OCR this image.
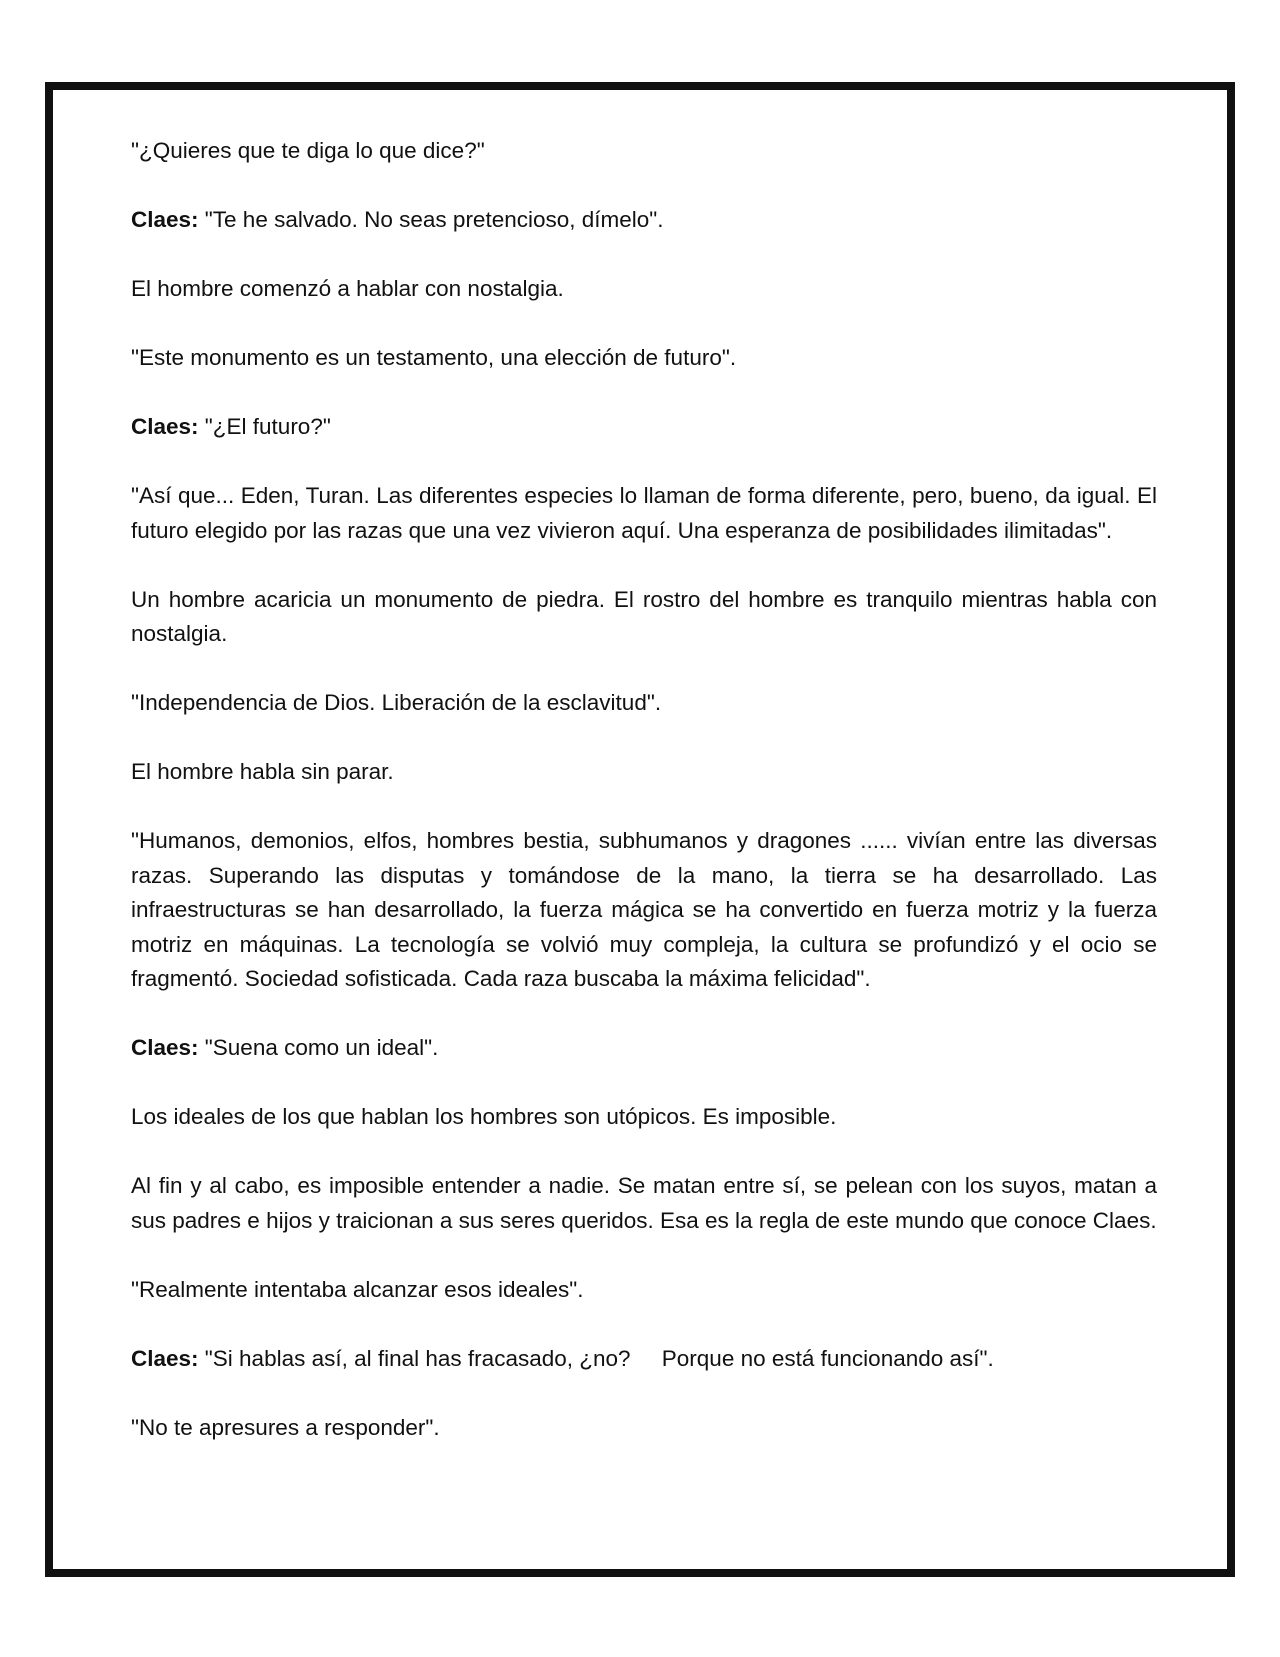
"¿Quieres que te diga lo que dice?"

Claes: "Te he salvado. No seas pretencioso, dímelo".

El hombre comenzó a hablar con nostalgia.

"Este monumento es un testamento, una elección de futuro".

Claes: "¿El futuro?"

"Así que... Eden, Turan. Las diferentes especies lo llaman de forma diferente, pero, bueno, da igual. El futuro elegido por las razas que una vez vivieron aquí. Una esperanza de posibilidades ilimitadas".

Un hombre acaricia un monumento de piedra. El rostro del hombre es tranquilo mientras habla con nostalgia.

"Independencia de Dios. Liberación de la esclavitud".

El hombre habla sin parar.

"Humanos, demonios, elfos, hombres bestia, subhumanos y dragones ...... vivían entre las diversas razas. Superando las disputas y tomándose de la mano, la tierra se ha desarrollado. Las infraestructuras se han desarrollado, la fuerza mágica se ha convertido en fuerza motriz y la fuerza motriz en máquinas. La tecnología se volvió muy compleja, la cultura se profundizó y el ocio se fragmentó. Sociedad sofisticada. Cada raza buscaba la máxima felicidad".

Claes: "Suena como un ideal".

Los ideales de los que hablan los hombres son utópicos. Es imposible.

Al fin y al cabo, es imposible entender a nadie. Se matan entre sí, se pelean con los suyos, matan a sus padres e hijos y traicionan a sus seres queridos. Esa es la regla de este mundo que conoce Claes.

"Realmente intentaba alcanzar esos ideales".

Claes: "Si hablas así, al final has fracasado, ¿no?     Porque no está funcionando así".

"No te apresures a responder".
